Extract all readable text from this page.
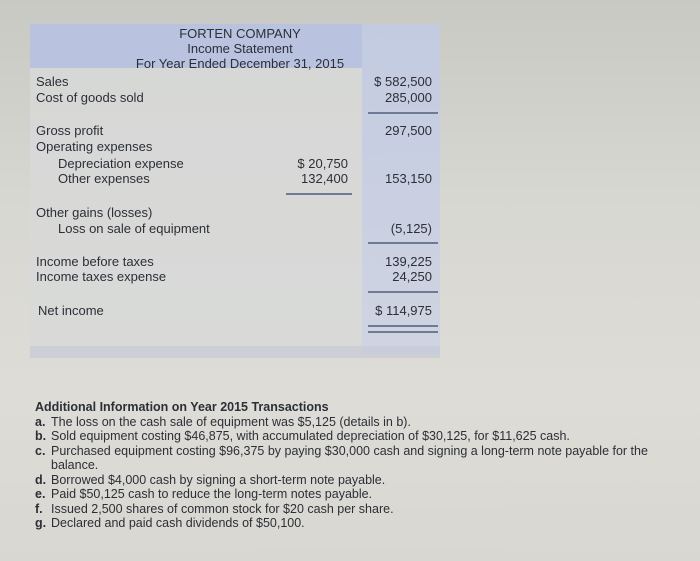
FORTEN COMPANY
Income Statement
For Year Ended December 31, 2015
Sales	$ 582,500
Cost of goods sold	285,000
Gross profit	297,500
Operating expenses
Depreciation expense	$ 20,750
Other expenses	132,400	153,150
Other gains (losses)
Loss on sale of equipment	(5,125)
Income before taxes	139,225
Income taxes expense	24,250
Net income	$ 114,975
Additional Information on Year 2015 Transactions
a. The loss on the cash sale of equipment was $5,125 (details in b).
b. Sold equipment costing $46,875, with accumulated depreciation of $30,125, for $11,625 cash.
c. Purchased equipment costing $96,375 by paying $30,000 cash and signing a long-term note payable for the balance.
d. Borrowed $4,000 cash by signing a short-term note payable.
e. Paid $50,125 cash to reduce the long-term notes payable.
f. Issued 2,500 shares of common stock for $20 cash per share.
g. Declared and paid cash dividends of $50,100.
